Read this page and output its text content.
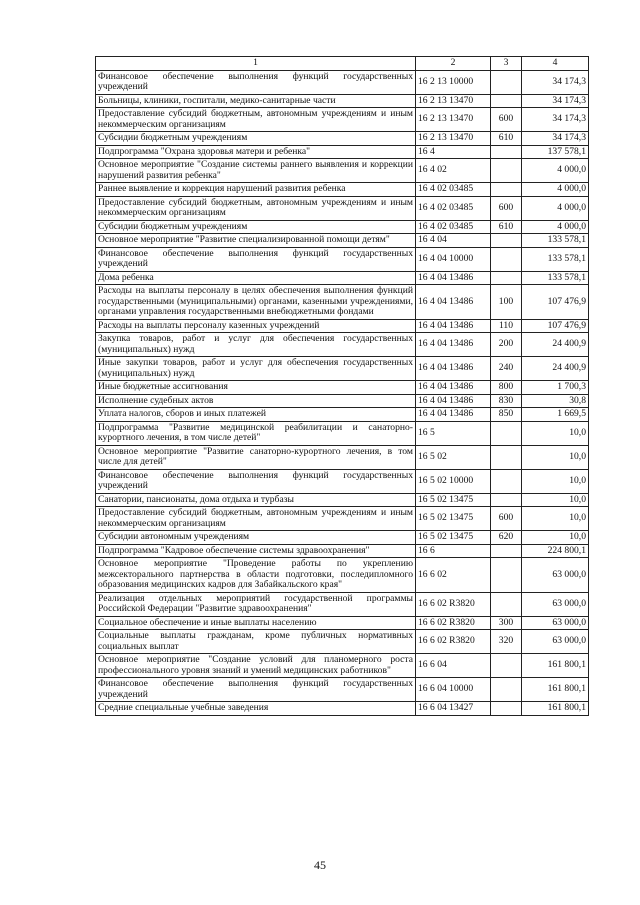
1	2	3	4
Финансовое обеспечение выполнения функций государственных учреждений	16 2 13 10000		34 174,3
Больницы, клиники, госпитали, медико-санитарные части	16 2 13 13470		34 174,3
Предоставление субсидий бюджетным, автономным учреждениям и иным некоммерческим организациям	16 2 13 13470	600	34 174,3
Субсидии бюджетным учреждениям	16 2 13 13470	610	34 174,3
Подпрограмма "Охрана здоровья матери и ребенка"	16 4		137 578,1
Основное мероприятие "Создание системы раннего выявления и коррекции нарушений развития ребенка"	16 4 02		4 000,0
Раннее выявление и коррекция нарушений развития ребенка	16 4 02 03485		4 000,0
Предоставление субсидий бюджетным, автономным учреждениям и иным некоммерческим организациям	16 4 02 03485	600	4 000,0
Субсидии бюджетным учреждениям	16 4 02 03485	610	4 000,0
Основное мероприятие "Развитие специализированной помощи детям"	16 4 04		133 578,1
Финансовое обеспечение выполнения функций государственных учреждений	16 4 04 10000		133 578,1
Дома ребенка	16 4 04 13486		133 578,1
Расходы на выплаты персоналу в целях обеспечения выполнения функций государственными (муниципальными) органами, казенными учреждениями, органами управления государственными внебюджетными фондами	16 4 04 13486	100	107 476,9
Расходы на выплаты персоналу казенных учреждений	16 4 04 13486	110	107 476,9
Закупка товаров, работ и услуг для обеспечения государственных (муниципальных) нужд	16 4 04 13486	200	24 400,9
Иные закупки товаров, работ и услуг для обеспечения государственных (муниципальных) нужд	16 4 04 13486	240	24 400,9
Иные бюджетные ассигнования	16 4 04 13486	800	1 700,3
Исполнение судебных актов	16 4 04 13486	830	30,8
Уплата налогов, сборов и иных платежей	16 4 04 13486	850	1 669,5
Подпрограмма "Развитие медицинской реабилитации и санаторно-курортного лечения, в том числе детей"	16 5		10,0
Основное мероприятие "Развитие санаторно-курортного лечения, в том числе для детей"	16 5 02		10,0
Финансовое обеспечение выполнения функций государственных учреждений	16 5 02 10000		10,0
Санатории, пансионаты, дома отдыха и турбазы	16 5 02 13475		10,0
Предоставление субсидий бюджетным, автономным учреждениям и иным некоммерческим организациям	16 5 02 13475	600	10,0
Субсидии автономным учреждениям	16 5 02 13475	620	10,0
Подпрограмма "Кадровое обеспечение системы здравоохранения"	16 6		224 800,1
Основное мероприятие "Проведение работы по укреплению межсекторального партнерства в области подготовки, последипломного образования медицинских кадров для Забайкальского края"	16 6 02		63 000,0
Реализация отдельных мероприятий государственной программы Российской Федерации "Развитие здравоохранения"	16 6 02 R3820		63 000,0
Социальное обеспечение и иные выплаты населению	16 6 02 R3820	300	63 000,0
Социальные выплаты гражданам, кроме публичных нормативных социальных выплат	16 6 02 R3820	320	63 000,0
Основное мероприятие "Создание условий для планомерного роста профессионального уровня знаний и умений медицинских работников"	16 6 04		161 800,1
Финансовое обеспечение выполнения функций государственных учреждений	16 6 04 10000		161 800,1
Средние специальные учебные заведения	16 6 04 13427		161 800,1
45
